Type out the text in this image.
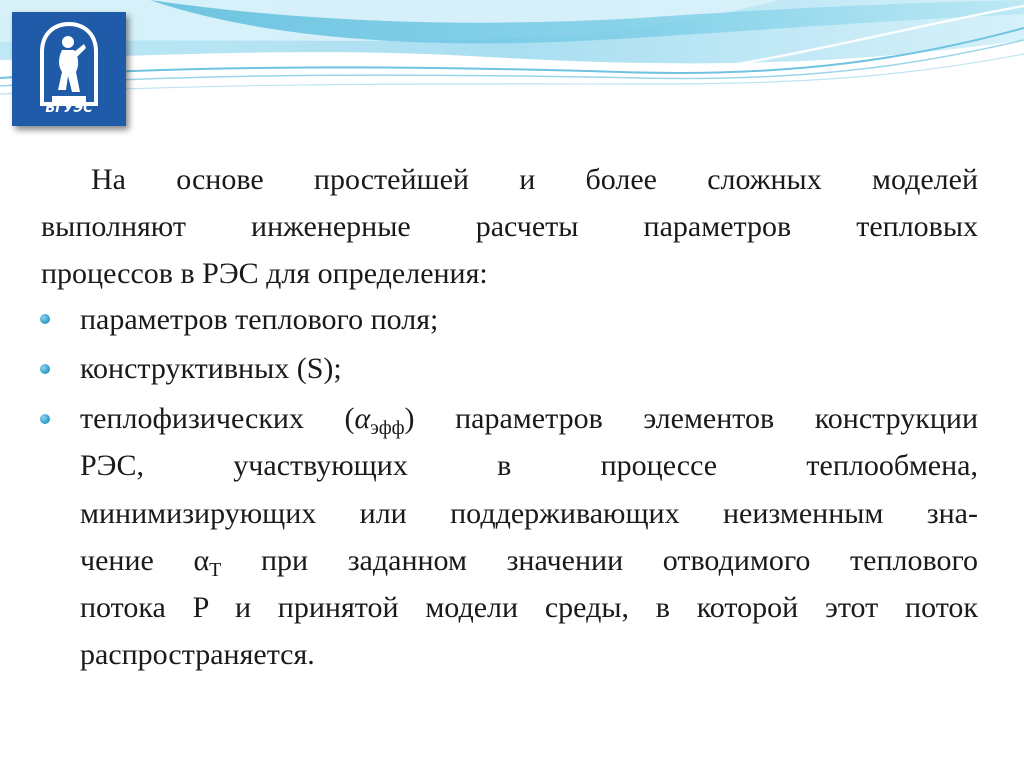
ВГУЭС
На основе простейшей и более сложных моделей
выполняют инженерные расчеты параметров тепловых
процессов в РЭС для определения:
параметров теплового поля;
конструктивных (S);
теплофизических $(\alpha_{эфф})$ параметров элементов конструкции
РЭС, участвующих в процессе теплообмена,
минимизирующих или поддерживающих неизменным зна-
чение $\alpha_T$ при заданном значении отводимого теплового
потока P и принятой модели среды, в которой этот поток
распространяется.
